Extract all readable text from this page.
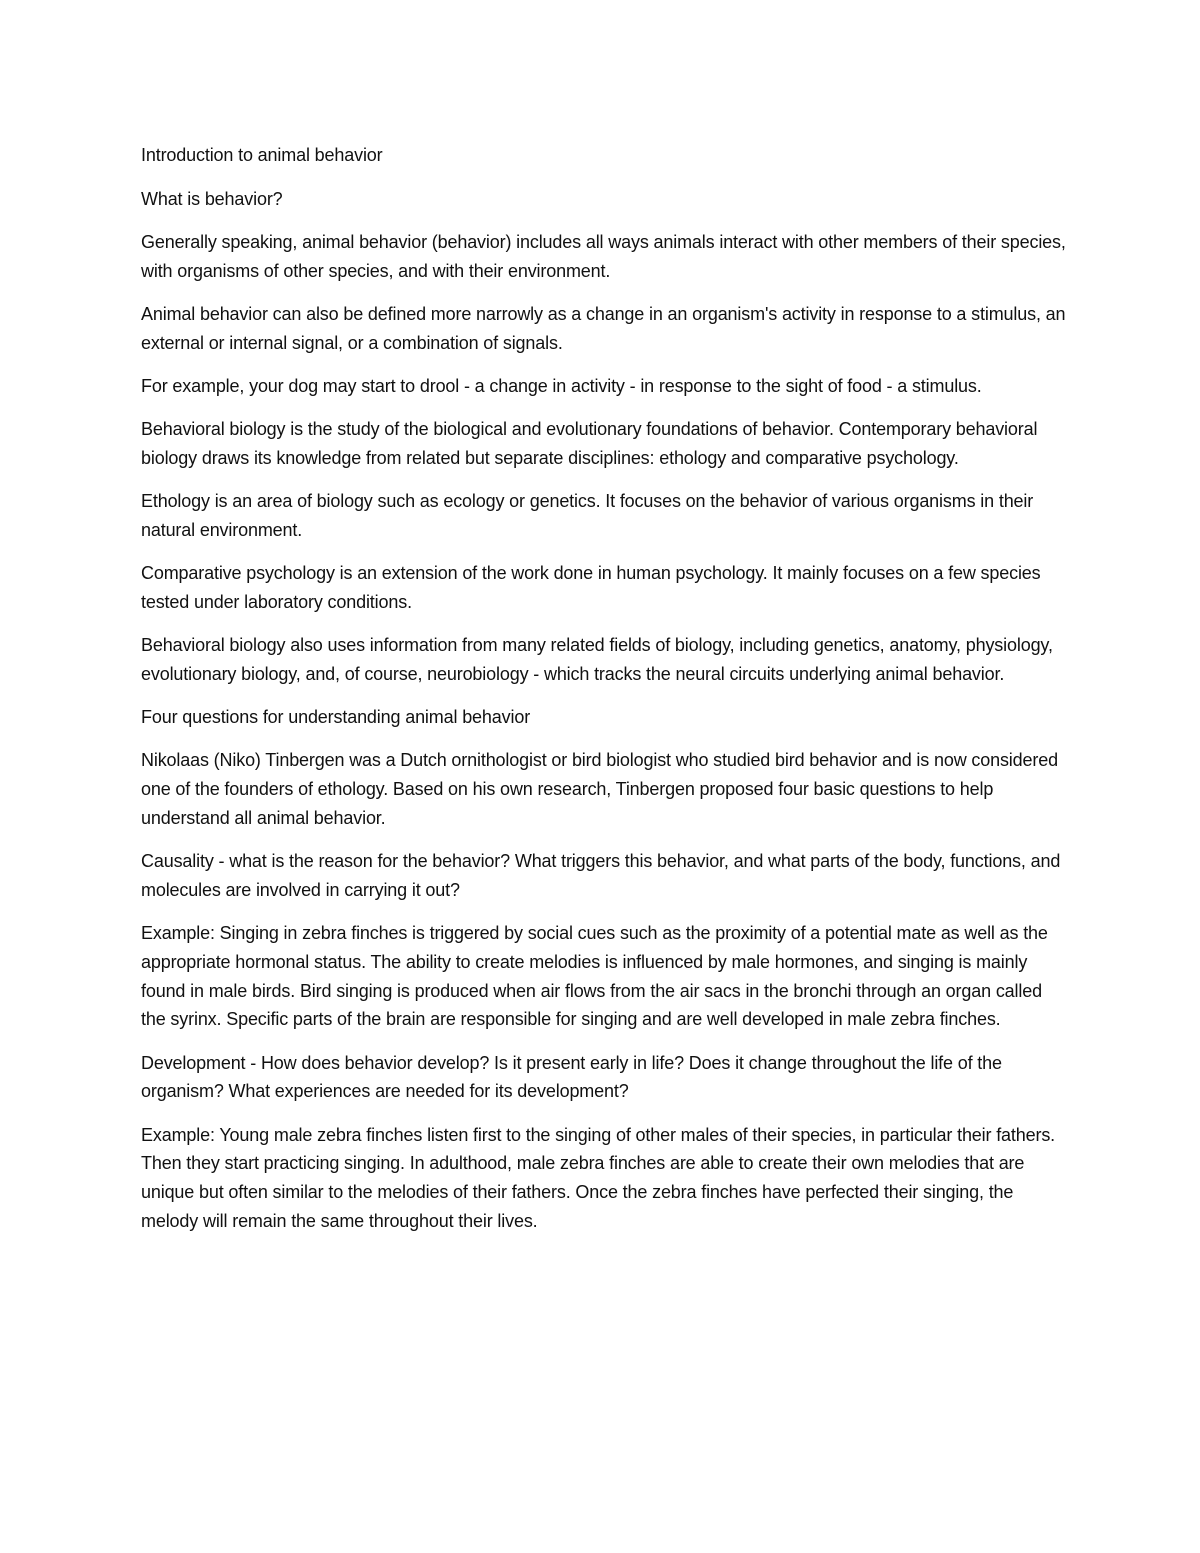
Introduction to animal behavior

What is behavior?

Generally speaking, animal behavior (behavior) includes all ways animals interact with other members of their species, with organisms of other species, and with their environment.

Animal behavior can also be defined more narrowly as a change in an organism's activity in response to a stimulus, an external or internal signal, or a combination of signals.

For example, your dog may start to drool - a change in activity - in response to the sight of food - a stimulus.

Behavioral biology is the study of the biological and evolutionary foundations of behavior. Contemporary behavioral biology draws its knowledge from related but separate disciplines: ethology and comparative psychology.

Ethology is an area of biology such as ecology or genetics. It focuses on the behavior of various organisms in their natural environment.

Comparative psychology is an extension of the work done in human psychology. It mainly focuses on a few species tested under laboratory conditions.

Behavioral biology also uses information from many related fields of biology, including genetics, anatomy, physiology, evolutionary biology, and, of course, neurobiology - which tracks the neural circuits underlying animal behavior.

Four questions for understanding animal behavior

Nikolaas (Niko) Tinbergen was a Dutch ornithologist or bird biologist who studied bird behavior and is now considered one of the founders of ethology. Based on his own research, Tinbergen proposed four basic questions to help understand all animal behavior.

Causality - what is the reason for the behavior? What triggers this behavior, and what parts of the body, functions, and molecules are involved in carrying it out?

Example: Singing in zebra finches is triggered by social cues such as the proximity of a potential mate as well as the appropriate hormonal status. The ability to create melodies is influenced by male hormones, and singing is mainly found in male birds. Bird singing is produced when air flows from the air sacs in the bronchi through an organ called the syrinx. Specific parts of the brain are responsible for singing and are well developed in male zebra finches.

Development - How does behavior develop? Is it present early in life? Does it change throughout the life of the organism? What experiences are needed for its development?

Example: Young male zebra finches listen first to the singing of other males of their species, in particular their fathers. Then they start practicing singing. In adulthood, male zebra finches are able to create their own melodies that are unique but often similar to the melodies of their fathers. Once the zebra finches have perfected their singing, the melody will remain the same throughout their lives.
